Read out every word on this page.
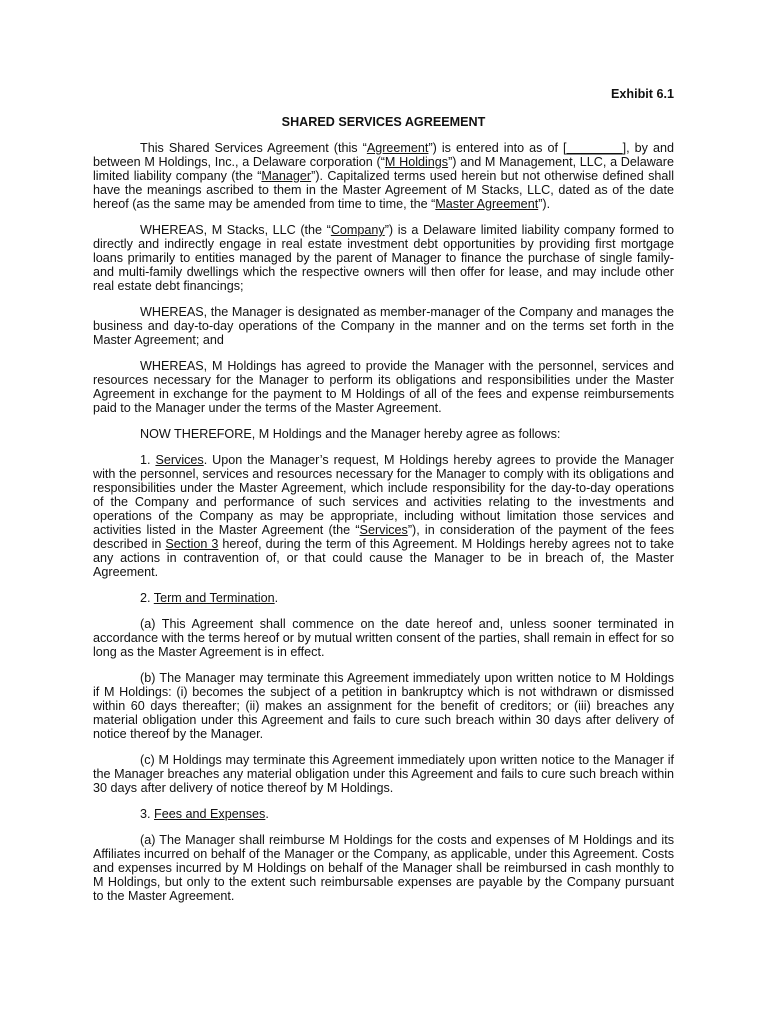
Exhibit 6.1
SHARED SERVICES AGREEMENT

This Shared Services Agreement (this “Agreement”) is entered into as of [________], by and between M Holdings, Inc., a Delaware corporation (“M Holdings”) and M Management, LLC, a Delaware limited liability company (the “Manager”). Capitalized terms used herein but not otherwise defined shall have the meanings ascribed to them in the Master Agreement of M Stacks, LLC, dated as of the date hereof (as the same may be amended from time to time, the “Master Agreement”).

WHEREAS, M Stacks, LLC (the “Company”) is a Delaware limited liability company formed to directly and indirectly engage in real estate investment debt opportunities by providing first mortgage loans primarily to entities managed by the parent of Manager to finance the purchase of single family- and multi-family dwellings which the respective owners will then offer for lease, and may include other real estate debt financings;

WHEREAS, the Manager is designated as member-manager of the Company and manages the business and day-to-day operations of the Company in the manner and on the terms set forth in the Master Agreement; and

WHEREAS, M Holdings has agreed to provide the Manager with the personnel, services and resources necessary for the Manager to perform its obligations and responsibilities under the Master Agreement in exchange for the payment to M Holdings of all of the fees and expense reimbursements paid to the Manager under the terms of the Master Agreement.

NOW THEREFORE, M Holdings and the Manager hereby agree as follows:

1. Services. Upon the Manager’s request, M Holdings hereby agrees to provide the Manager with the personnel, services and resources necessary for the Manager to comply with its obligations and responsibilities under the Master Agreement, which include responsibility for the day-to-day operations of the Company and performance of such services and activities relating to the investments and operations of the Company as may be appropriate, including without limitation those services and activities listed in the Master Agreement (the “Services”), in consideration of the payment of the fees described in Section 3 hereof, during the term of this Agreement. M Holdings hereby agrees not to take any actions in contravention of, or that could cause the Manager to be in breach of, the Master Agreement.

2. Term and Termination.

(a) This Agreement shall commence on the date hereof and, unless sooner terminated in accordance with the terms hereof or by mutual written consent of the parties, shall remain in effect for so long as the Master Agreement is in effect.

(b) The Manager may terminate this Agreement immediately upon written notice to M Holdings if M Holdings: (i) becomes the subject of a petition in bankruptcy which is not withdrawn or dismissed within 60 days thereafter; (ii) makes an assignment for the benefit of creditors; or (iii) breaches any material obligation under this Agreement and fails to cure such breach within 30 days after delivery of notice thereof by the Manager.

(c) M Holdings may terminate this Agreement immediately upon written notice to the Manager if the Manager breaches any material obligation under this Agreement and fails to cure such breach within 30 days after delivery of notice thereof by M Holdings.

3. Fees and Expenses.

(a) The Manager shall reimburse M Holdings for the costs and expenses of M Holdings and its Affiliates incurred on behalf of the Manager or the Company, as applicable, under this Agreement. Costs and expenses incurred by M Holdings on behalf of the Manager shall be reimbursed in cash monthly to M Holdings, but only to the extent such reimbursable expenses are payable by the Company pursuant to the Master Agreement.
